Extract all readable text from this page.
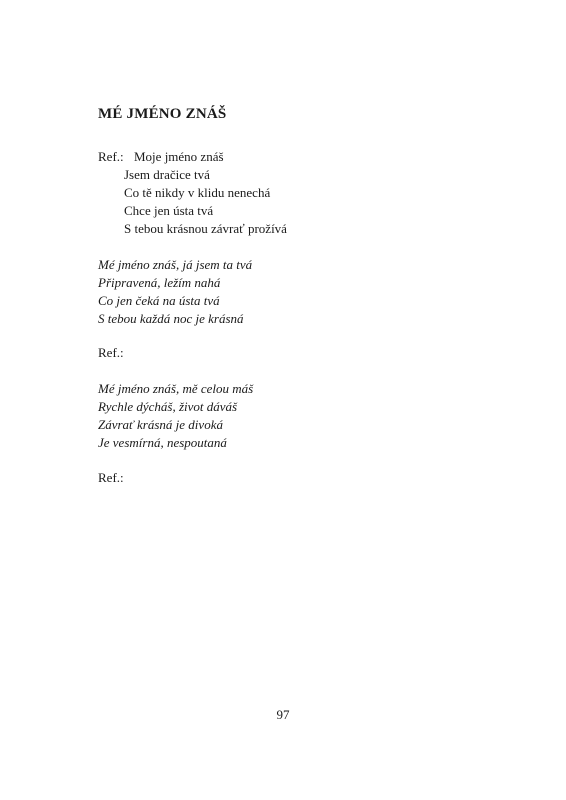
MÉ JMÉNO ZNÁŠ
Ref.: Moje jméno znáš
Jsem dračice tvá
Co tě nikdy v klidu nenechá
Chce jen ústa tvá
S tebou krásnou závrať prožívá
Mé jméno znáš, já jsem ta tvá
Připravená, ležím nahá
Co jen čeká na ústa tvá
S tebou každá noc je krásná
Ref.:
Mé jméno znáš, mě celou máš
Rychle dýcháš, život dáváš
Závrať krásná je divoká
Je vesmírná, nespoutaná
Ref.:
97
